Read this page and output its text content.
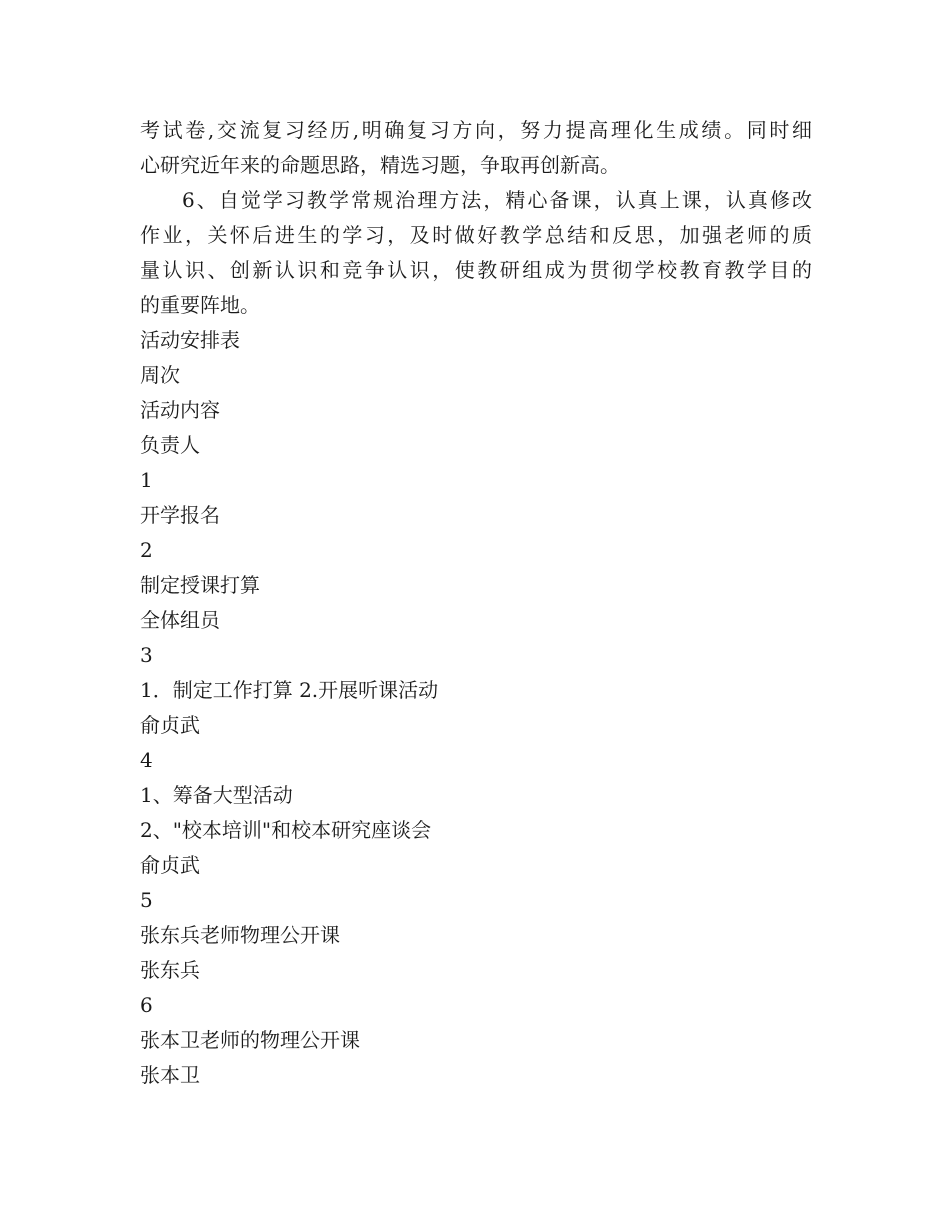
考试卷,交流复习经历,明确复习方向，努力提高理化生成绩。同时细
心研究近年来的命题思路，精选习题，争取再创新高。

6、自觉学习教学常规治理方法，精心备课，认真上课，认真修改
作业，关怀后进生的学习，及时做好教学总结和反思，加强老师的质
量认识、创新认识和竞争认识，使教研组成为贯彻学校教育教学目的
的重要阵地。

活动安排表
周次
活动内容
负责人
1
开学报名
2
制定授课打算
全体组员
3
1．制定工作打算 2.开展听课活动
俞贞武
4
1、筹备大型活动
2、"校本培训"和校本研究座谈会
俞贞武
5
张东兵老师物理公开课
张东兵
6
张本卫老师的物理公开课
张本卫
